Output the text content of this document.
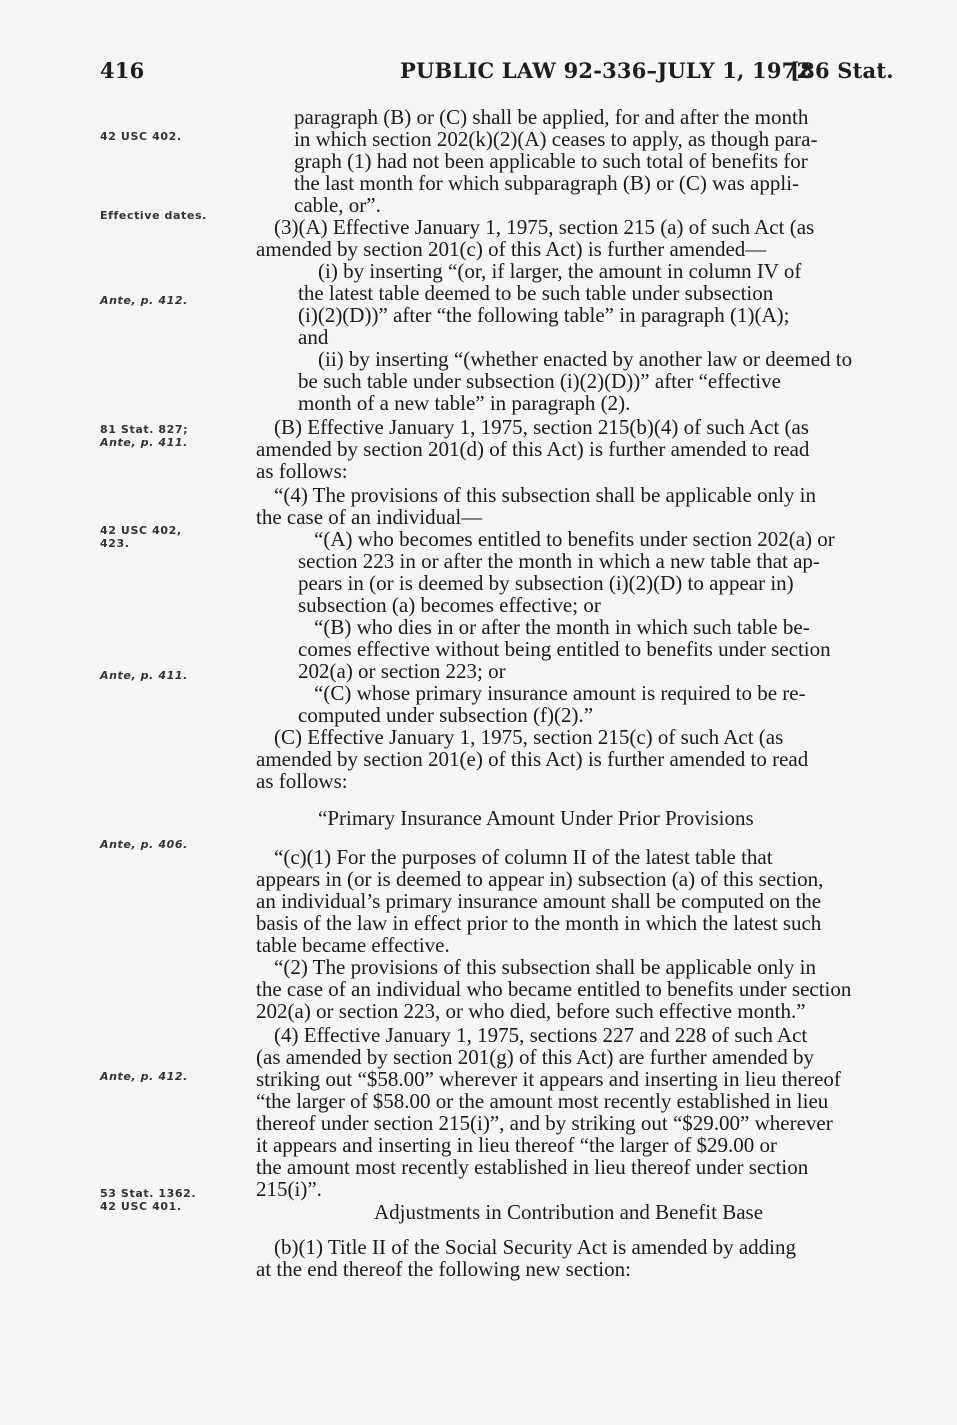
416	PUBLIC LAW 92-336–JULY 1, 1972
[86 Stat.
42 USC 402.
Effective dates.
Ante, p. 412.
81 Stat. 827;
Ante, p. 411.
42 USC 402,
423.
Ante, p. 411.
Ante, p. 406.
Ante, p. 412.
53 Stat. 1362.
42 USC 401.
paragraph (B) or (C) shall be applied, for and after the month
in which section 202(k)(2)(A) ceases to apply, as though para-
graph (1) had not been applicable to such total of benefits for
the last month for which subparagraph (B) or (C) was appli-
cable, or”.
(3)(A) Effective January 1, 1975, section 215 (a) of such Act (as
amended by section 201(c) of this Act) is further amended—
(i) by inserting “(or, if larger, the amount in column IV of
the latest table deemed to be such table under subsection
(i)(2)(D))” after “the following table” in paragraph (1)(A);
and
(ii) by inserting “(whether enacted by another law or deemed to
be such table under subsection (i)(2)(D))” after “effective
month of a new table” in paragraph (2).
(B) Effective January 1, 1975, section 215(b)(4) of such Act (as
amended by section 201(d) of this Act) is further amended to read
as follows:
“(4) The provisions of this subsection shall be applicable only in
the case of an individual—
“(A) who becomes entitled to benefits under section 202(a) or
section 223 in or after the month in which a new table that ap-
pears in (or is deemed by subsection (i)(2)(D) to appear in)
subsection (a) becomes effective; or
“(B) who dies in or after the month in which such table be-
comes effective without being entitled to benefits under section
202(a) or section 223; or
“(C) whose primary insurance amount is required to be re-
computed under subsection (f)(2).”
(C) Effective January 1, 1975, section 215(c) of such Act (as
amended by section 201(e) of this Act) is further amended to read
as follows:
“Primary Insurance Amount Under Prior Provisions
“(c)(1) For the purposes of column II of the latest table that
appears in (or is deemed to appear in) subsection (a) of this section,
an individual’s primary insurance amount shall be computed on the
basis of the law in effect prior to the month in which the latest such
table became effective.
“(2) The provisions of this subsection shall be applicable only in
the case of an individual who became entitled to benefits under section
202(a) or section 223, or who died, before such effective month.”
(4) Effective January 1, 1975, sections 227 and 228 of such Act
(as amended by section 201(g) of this Act) are further amended by
striking out “$58.00” wherever it appears and inserting in lieu thereof
“the larger of $58.00 or the amount most recently established in lieu
thereof under section 215(i)”, and by striking out “$29.00” wherever
it appears and inserting in lieu thereof “the larger of $29.00 or
the amount most recently established in lieu thereof under section
215(i)”.
Adjustments in Contribution and Benefit Base
(b)(1) Title II of the Social Security Act is amended by adding
at the end thereof the following new section:
